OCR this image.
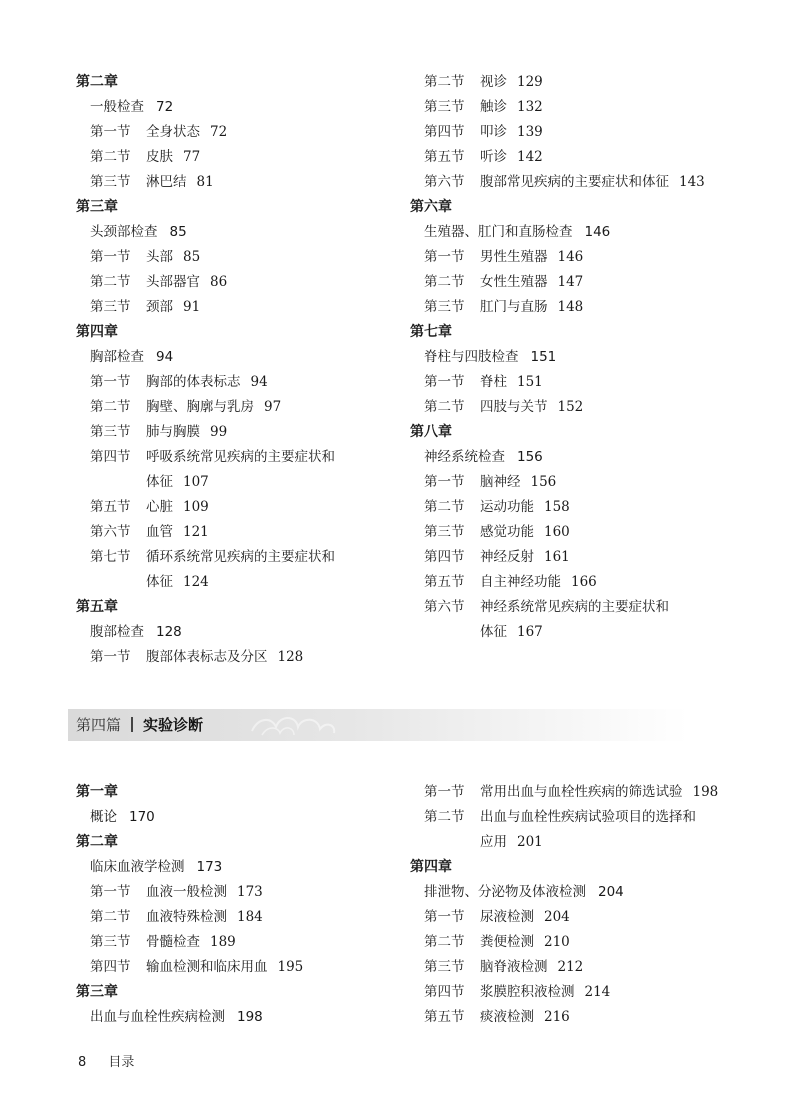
第二章
一般检查 72
第一节 全身状态 72
第二节 皮肤 77
第三节 淋巴结 81
第三章
头颈部检查 85
第一节 头部 85
第二节 头部器官 86
第三节 颈部 91
第四章
胸部检查 94
第一节 胸部的体表标志 94
第二节 胸壁、胸廓与乳房 97
第三节 肺与胸膜 99
第四节 呼吸系统常见疾病的主要症状和
体征 107
第五节 心脏 109
第六节 血管 121
第七节 循环系统常见疾病的主要症状和
体征 124
第五章
腹部检查 128
第一节 腹部体表标志及分区 128
第二节 视诊 129
第三节 触诊 132
第四节 叩诊 139
第五节 听诊 142
第六节 腹部常见疾病的主要症状和体征 143
第六章
生殖器、肛门和直肠检查 146
第一节 男性生殖器 146
第二节 女性生殖器 147
第三节 肛门与直肠 148
第七章
脊柱与四肢检查 151
第一节 脊柱 151
第二节 四肢与关节 152
第八章
神经系统检查 156
第一节 脑神经 156
第二节 运动功能 158
第三节 感觉功能 160
第四节 神经反射 161
第五节 自主神经功能 166
第六节 神经系统常见疾病的主要症状和
体征 167
第四篇 实验诊断
第一章
概论 170
第二章
临床血液学检测 173
第一节 血液一般检测 173
第二节 血液特殊检测 184
第三节 骨髓检查 189
第四节 输血检测和临床用血 195
第三章
出血与血栓性疾病检测 198
第一节 常用出血与血栓性疾病的筛选试验 198
第二节 出血与血栓性疾病试验项目的选择和
应用 201
第四章
排泄物、分泌物及体液检测 204
第一节 尿液检测 204
第二节 粪便检测 210
第三节 脑脊液检测 212
第四节 浆膜腔积液检测 214
第五节 痰液检测 216
8 目录
